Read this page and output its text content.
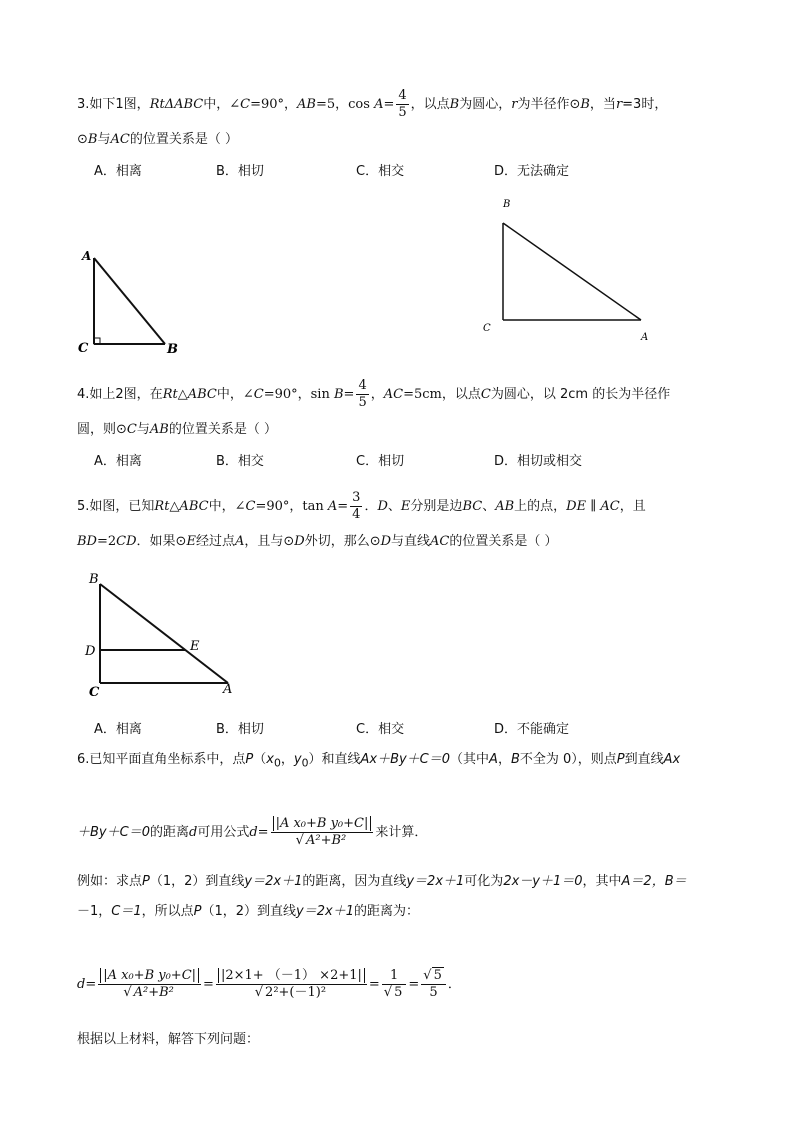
3.如下1图，RtΔABC中，∠C=90°，AB=5，$\cos A= \frac{4}{5}$ ，以点B为圆心，r为半径作⊙B，当r=3时，
⊙B与AC的位置关系是（ ）
A．相离	B．相切	C．相交	D．无法确定
A
C	B
B
C
A
4.如上2图，在Rt△ABC中，∠C=90°，$\sin B= \frac{4}{5}$ ，AC=5cm，以点C为圆心，以 2cm 的长为半径作
圆，则⊙C与AB的位置关系是（ ）
A．相离	B．相交	C．相切	D．相切或相交
5.如图，已知Rt△ABC中，∠C=90°，$\tan A= \frac{3}{4}$ ．D、E分别是边BC、AB上的点，DE ∥ AC，且
BD=2CD．如果⊙E经过点A，且与⊙D外切，那么⊙D与直线AC的位置关系是（ ）
B
D	E
C	A
A．相离	B．相切	C．相交	D．不能确定
6.已知平面直角坐标系中，点$P(x_0$，$y_0$）和直线Ax＋By＋C＝0（其中A，B不全为 0），则点P到直线Ax
＋By＋C＝0的距离d可用公式$d= \frac{\text{|A x₀+B y₀+C|}}{\text{√ A²+B²}}$ 来计算．
例如：求点P（1，2）到直线y＝2x＋1的距离，因为直线y＝2x＋1可化为2x－y＋1＝0，其中A＝2，B＝
－1，C＝1，所以点P（1，2）到直线y＝2x＋1的距离为：
$d= \frac{\text{|A x₀+B y₀+C|}}{\text{√ A²+B²}} = \frac{|2\times 1+ (-1) \times 2+1|}{\text{√ 2²+(－1)²}} = \frac{1}{√ 5} = \frac{√ 5}{5}$ ．
根据以上材料，解答下列问题：
